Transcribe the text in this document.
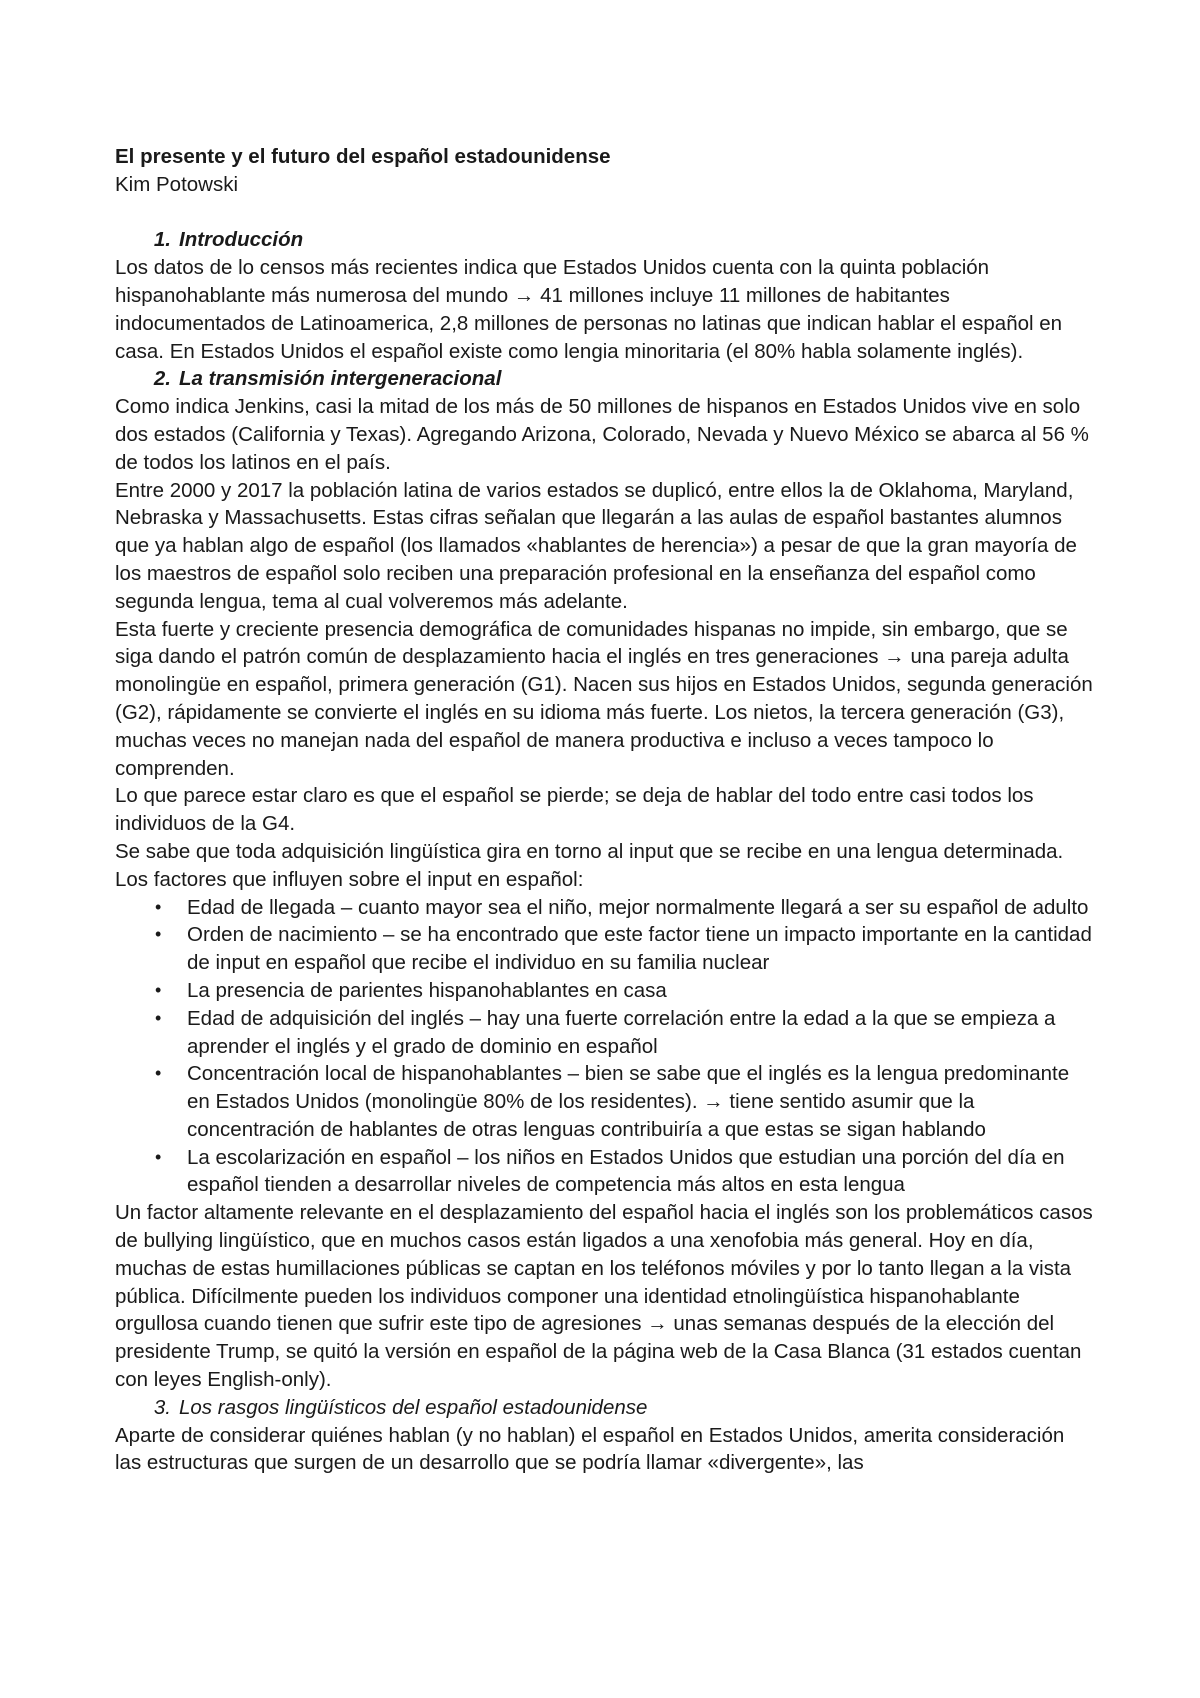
El presente y el futuro del español estadounidense

Kim Potowski

1. Introducción

Los datos de lo censos más recientes indica que Estados Unidos cuenta con la quinta población hispanohablante más numerosa del mundo → 41 millones incluye 11 millones de habitantes indocumentados de Latinoamerica, 2,8 millones de personas no latinas que indican hablar el español en casa. En Estados Unidos el español existe como lengia minoritaria (el 80% habla solamente inglés).

2. La transmisión intergeneracional

Como indica Jenkins, casi la mitad de los más de 50 millones de hispanos en Estados Unidos vive en solo dos estados (California y Texas). Agregando Arizona, Colorado, Nevada y Nuevo México se abarca al 56 % de todos los latinos en el país.

Entre 2000 y 2017 la población latina de varios estados se duplicó, entre ellos la de Oklahoma, Maryland, Nebraska y Massachusetts. Estas cifras señalan que llegarán a las aulas de español bastantes alumnos que ya hablan algo de español (los llamados «hablantes de herencia») a pesar de que la gran mayoría de los maestros de español solo reciben una preparación profesional en la enseñanza del español como segunda lengua, tema al cual volveremos más adelante.

Esta fuerte y creciente presencia demográfica de comunidades hispanas no impide, sin embargo, que se siga dando el patrón común de desplazamiento hacia el inglés en tres generaciones → una pareja adulta monolingüe en español, primera generación (G1). Nacen sus hijos en Estados Unidos, segunda generación (G2), rápidamente se convierte el inglés en su idioma más fuerte. Los nietos, la tercera generación (G3), muchas veces no manejan nada del español de manera productiva e incluso a veces tampoco lo comprenden.

Lo que parece estar claro es que el español se pierde; se deja de hablar del todo entre casi todos los individuos de la G4.

Se sabe que toda adquisición lingüística gira en torno al input que se recibe en una lengua determinada. Los factores que influyen sobre el input en español:

•	Edad de llegada – cuanto mayor sea el niño, mejor normalmente llegará a ser su español de adulto
•	Orden de nacimiento – se ha encontrado que este factor tiene un impacto importante en la cantidad de input en español que recibe el individuo en su familia nuclear
•	La presencia de parientes hispanohablantes en casa
•	Edad de adquisición del inglés – hay una fuerte correlación entre la edad a la que se empieza a aprender el inglés y el grado de dominio en español
•	Concentración local de hispanohablantes – bien se sabe que el inglés es la lengua predominante en Estados Unidos (monolingüe 80% de los residentes). → tiene sentido asumir que la concentración de hablantes de otras lenguas contribuiría a que estas se sigan hablando
•	La escolarización en español – los niños en Estados Unidos que estudian una porción del día en español tienden a desarrollar niveles de competencia más altos en esta lengua

Un factor altamente relevante en el desplazamiento del español hacia el inglés son los problemáticos casos de bullying lingüístico, que en muchos casos están ligados a una xenofobia más general. Hoy en día, muchas de estas humillaciones públicas se captan en los teléfonos móviles y por lo tanto llegan a la vista pública. Difícilmente pueden los individuos componer una identidad etnolingüística hispanohablante orgullosa cuando tienen que sufrir este tipo de agresiones → unas semanas después de la elección del presidente Trump, se quitó la versión en español de la página web de la Casa Blanca (31 estados cuentan con leyes English-only).

3. Los rasgos lingüísticos del español estadounidense

Aparte de considerar quiénes hablan (y no hablan) el español en Estados Unidos, amerita consideración las estructuras que surgen de un desarrollo que se podría llamar «divergente», las
